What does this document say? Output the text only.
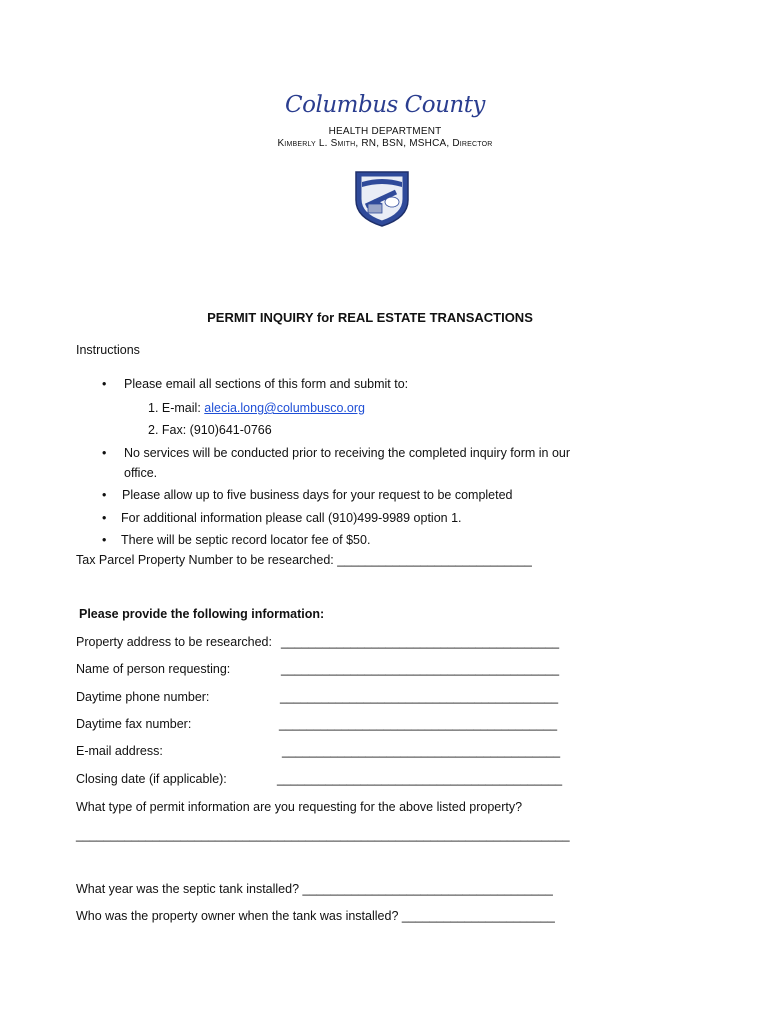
Columbus County
HEALTH DEPARTMENT
Kimberly L. Smith, RN, BSN, MSHCA, Director
PERMIT INQUIRY for REAL ESTATE TRANSACTIONS
Instructions
• Please email all sections of this form and submit to:
1. E-mail: alecia.long@columbusco.org
2. Fax: (910)641-0766
• No services will be conducted prior to receiving the completed inquiry form in our
office.
• Please allow up to five business days for your request to be completed
• For additional information please call (910)499-9989 option 1.
• There will be septic record locator fee of $50.
Tax Parcel Property Number to be researched: ____________________________
Please provide the following information:
Property address to be researched: ________________________________________
Name of person requesting:	________________________________________
Daytime phone number:	________________________________________
Daytime fax number:	________________________________________
E-mail address:	________________________________________
Closing date (if applicable):	_________________________________________
What type of permit information are you requesting for the above listed property?
_______________________________________________________________________
What year was the septic tank installed? ____________________________________
Who was the property owner when the tank was installed? ______________________
